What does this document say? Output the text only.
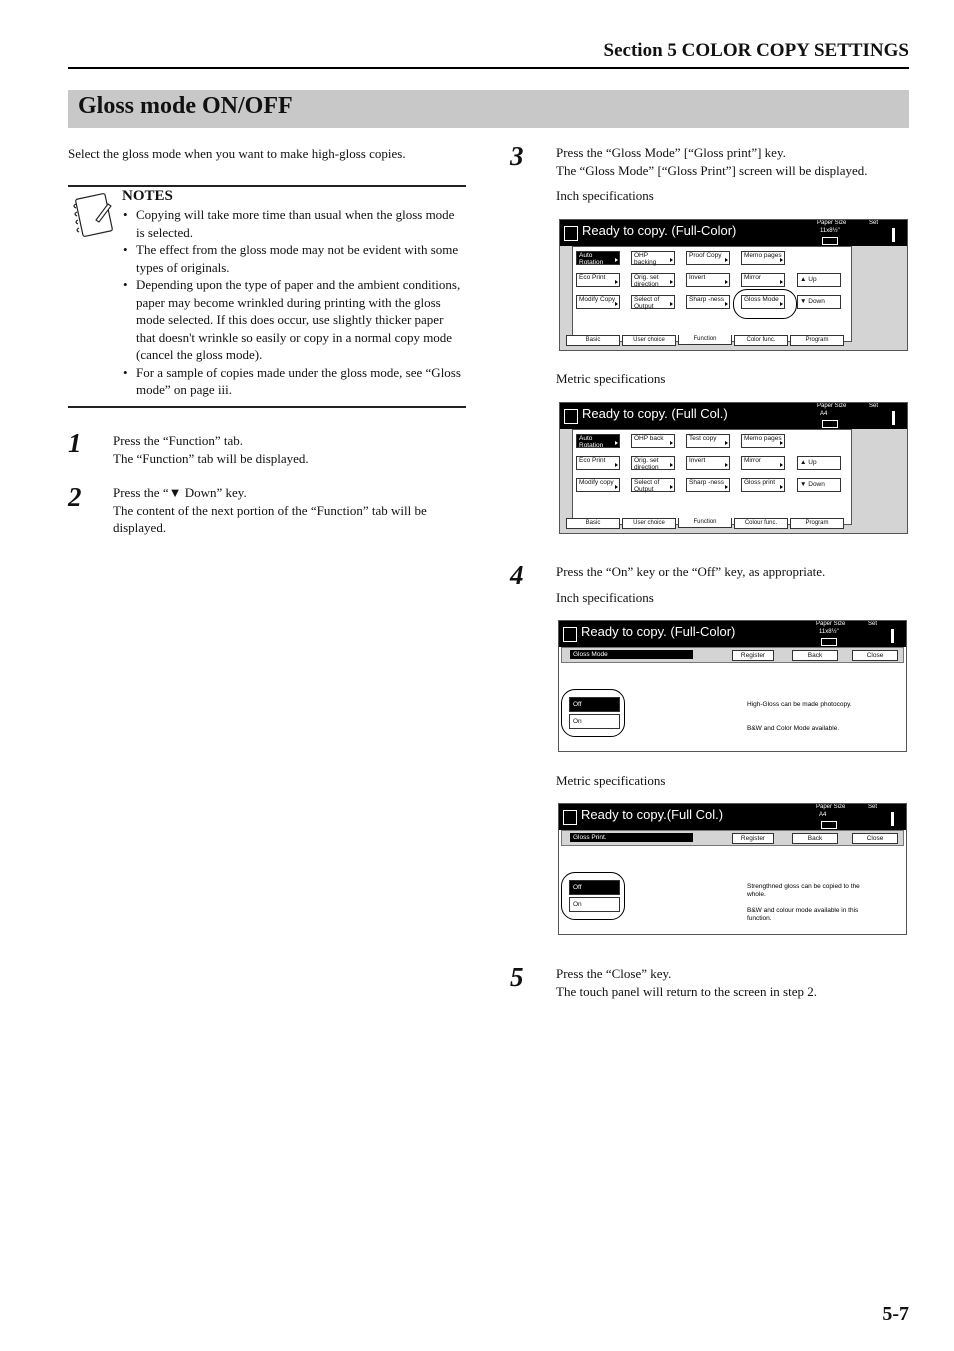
Section 5 COLOR COPY SETTINGS
Gloss mode ON/OFF
Select the gloss mode when you want to make high-gloss copies.
NOTES
• Copying will take more time than usual when the gloss mode is selected.
• The effect from the gloss mode may not be evident with some types of originals.
• Depending upon the type of paper and the ambient conditions, paper may become wrinkled during printing with the gloss mode selected. If this does occur, use slightly thicker paper that doesn't wrinkle so easily or copy in a normal copy mode (cancel the gloss mode).
• For a sample of copies made under the gloss mode, see “Gloss mode” on page iii.
1 Press the “Function” tab.
The “Function” tab will be displayed.
2 Press the “▼ Down” key.
The content of the next portion of the “Function” tab will be displayed.
3	Press the “Gloss Mode” [“Gloss print”] key.
The “Gloss Mode” [“Gloss Print”] screen will be displayed.
Inch specifications
Ready to copy. (Full-Color)	Paper Size	Set
11x8½"
Auto Rotation
OHP backing
Proof Copy	Memo pages
Eco Print	Orig. set direction
Invert	Mirror
Modify Copy	Select of Output
Sharp -ness	Gloss Mode
▲ Up
▼ Down
Basic	User choice	Function	Color func.	Program
Metric specifications
Ready to copy. (Full Col.)	Paper Size	Set
A4
Auto Rotation
OHP back	Test copy	Memo pages
Eco Print	Orig. set direction
Invert	Mirror
Modify copy	Select of Output
Sharp -ness	Gloss print
▲ Up
▼ Down
Basic	User choice	Function	Colour func.	Program
4	Press the “On” key or the “Off” key, as appropriate.
Inch specifications
Ready to copy. (Full-Color)	Paper Size	Set
11x8½"
Gloss Mode	Register	Back	Close
Off
On
High-Gloss can be made photocopy.
B&W and Color Mode available.
Metric specifications
Ready to copy.(Full Col.)	Paper Size	Set
A4
Gloss Print.	Register	Back	Close
Off
On
Strengthned gloss can be copied to the whole.
B&W and colour mode available in this function.
5	Press the “Close” key.
The touch panel will return to the screen in step 2.
5-7
